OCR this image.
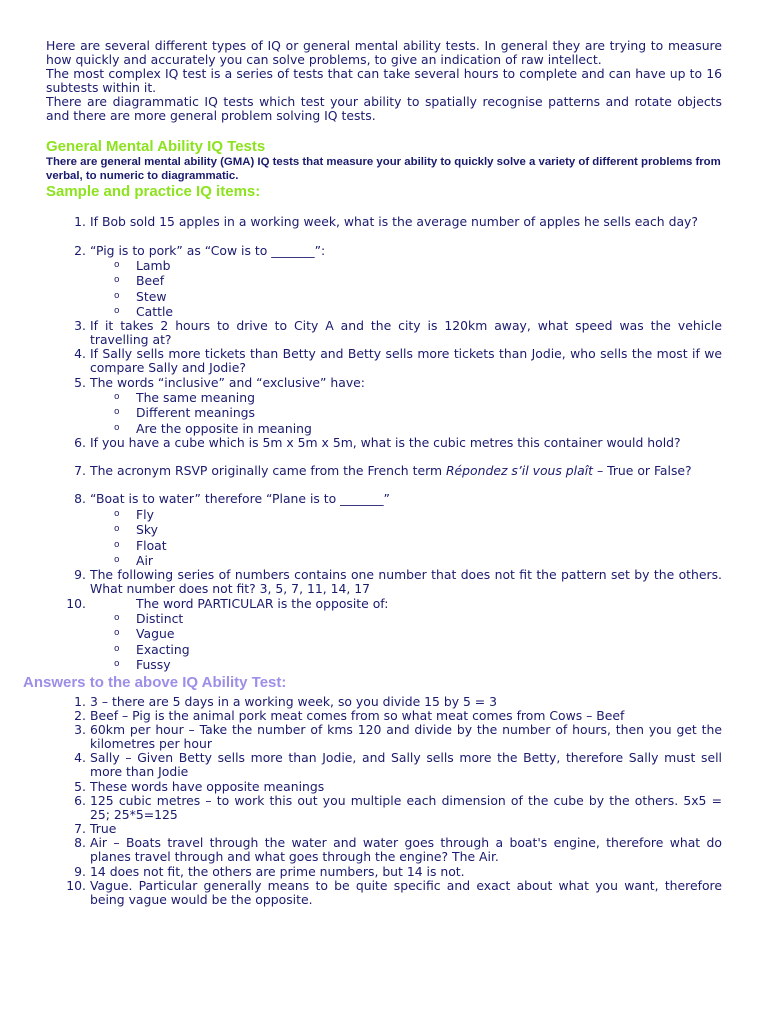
Here are several different types of IQ or general mental ability tests. In general they are trying to measure how quickly and accurately you can solve problems, to give an indication of raw intellect.

The most complex IQ test is a series of tests that can take several hours to complete and can have up to 16 subtests within it.

There are diagrammatic IQ tests which test your ability to spatially recognise patterns and rotate objects and there are more general problem solving IQ tests.

General Mental Ability IQ Tests
There are general mental ability (GMA) IQ tests that measure your ability to quickly solve a variety of different problems from verbal, to numeric to diagrammatic.
Sample and practice IQ items:
1. If Bob sold 15 apples in a working week, what is the average number of apples he sells each day?
2. “Pig is to pork” as “Cow is to _______”:
o Lamb
o Beef
o Stew
o Cattle
3. If it takes 2 hours to drive to City A and the city is 120km away, what speed was the vehicle travelling at?
4. If Sally sells more tickets than Betty and Betty sells more tickets than Jodie, who sells the most if we compare Sally and Jodie?
5. The words “inclusive” and “exclusive” have:
o The same meaning
o Different meanings
o Are the opposite in meaning
6. If you have a cube which is 5m x 5m x 5m, what is the cubic metres this container would hold?
7. The acronym RSVP originally came from the French term Répondez s’il vous plaît – True or False?
8. “Boat is to water” therefore “Plane is to _______”
o Fly
o Sky
o Float
o Air
9. The following series of numbers contains one number that does not fit the pattern set by the others. What number does not fit? 3, 5, 7, 11, 14, 17
10.	The word PARTICULAR is the opposite of:
o Distinct
o Vague
o Exacting
o Fussy
Answers to the above IQ Ability Test:
1. 3 – there are 5 days in a working week, so you divide 15 by 5 = 3
2. Beef – Pig is the animal pork meat comes from so what meat comes from Cows – Beef
3. 60km per hour – Take the number of kms 120 and divide by the number of hours, then you get the kilometres per hour
4. Sally – Given Betty sells more than Jodie, and Sally sells more the Betty, therefore Sally must sell more than Jodie
5. These words have opposite meanings
6. 125 cubic metres – to work this out you multiple each dimension of the cube by the others. 5x5 = 25; 25*5=125
7. True
8. Air – Boats travel through the water and water goes through a boat's engine, therefore what do planes travel through and what goes through the engine? The Air.
9. 14 does not fit, the others are prime numbers, but 14 is not.
10. Vague. Particular generally means to be quite specific and exact about what you want, therefore being vague would be the opposite.
